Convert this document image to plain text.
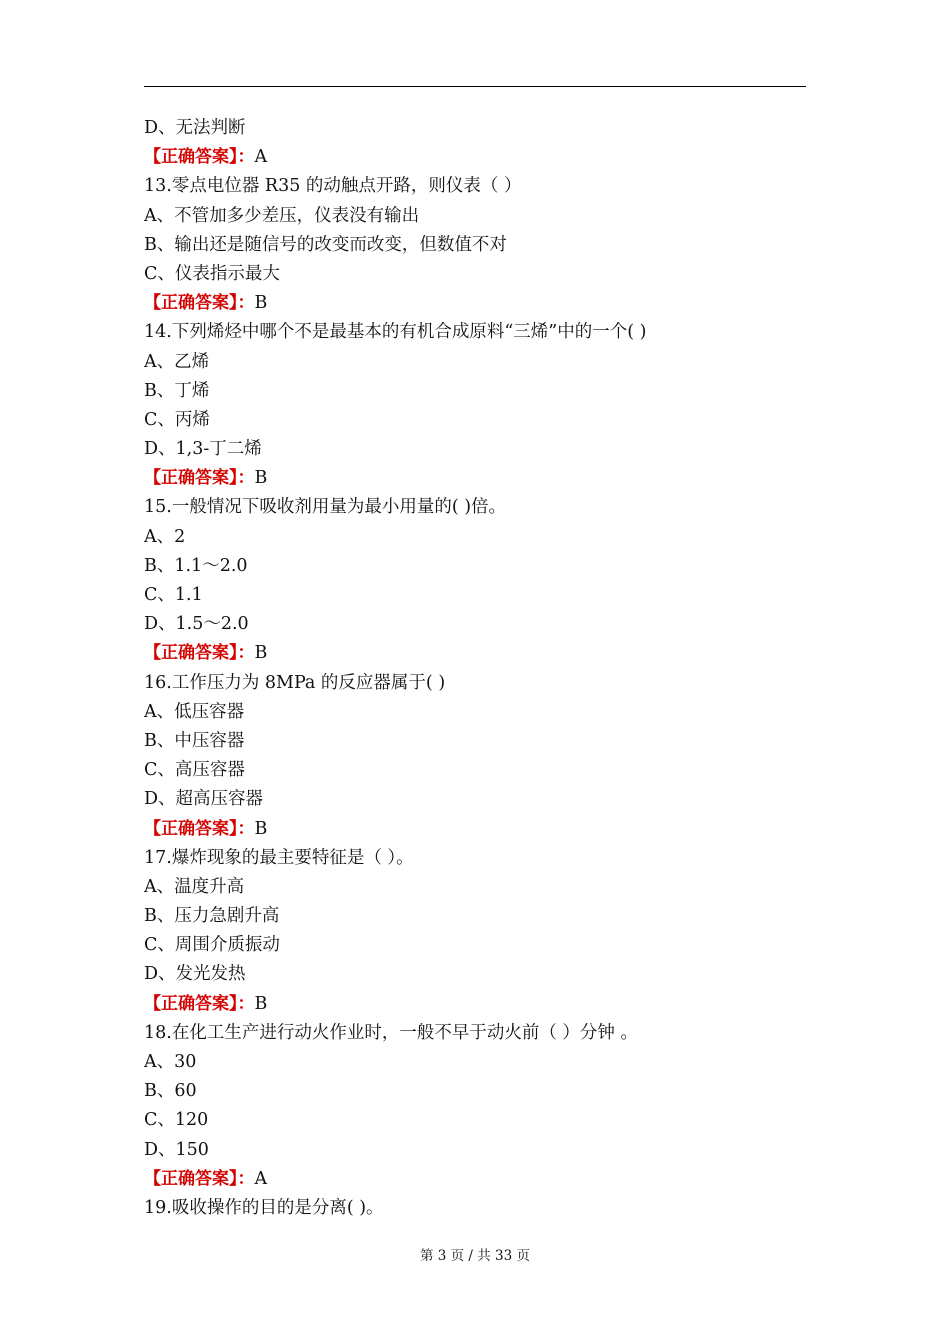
D、无法判断
【正确答案】：A
13.零点电位器 R35 的动触点开路，则仪表（ ）
A、不管加多少差压，仪表没有输出
B、输出还是随信号的改变而改变，但数值不对
C、仪表指示最大
【正确答案】：B
14.下列烯烃中哪个不是最基本的有机合成原料“三烯”中的一个( )
A、乙烯
B、丁烯
C、丙烯
D、1,3-丁二烯
【正确答案】：B
15.一般情况下吸收剂用量为最小用量的( )倍。
A、2
B、1.1～2.0
C、1.1
D、1.5～2.0
【正确答案】：B
16.工作压力为 8MPa 的反应器属于( )
A、低压容器
B、中压容器
C、高压容器
D、超高压容器
【正确答案】：B
17.爆炸现象的最主要特征是（ ）。
A、温度升高
B、压力急剧升高
C、周围介质振动
D、发光发热
【正确答案】：B
18.在化工生产进行动火作业时，一般不早于动火前（ ）分钟 。
A、30
B、60
C、120
D、150
【正确答案】：A
19.吸收操作的目的是分离( )。
第 3 页 / 共 33 页
